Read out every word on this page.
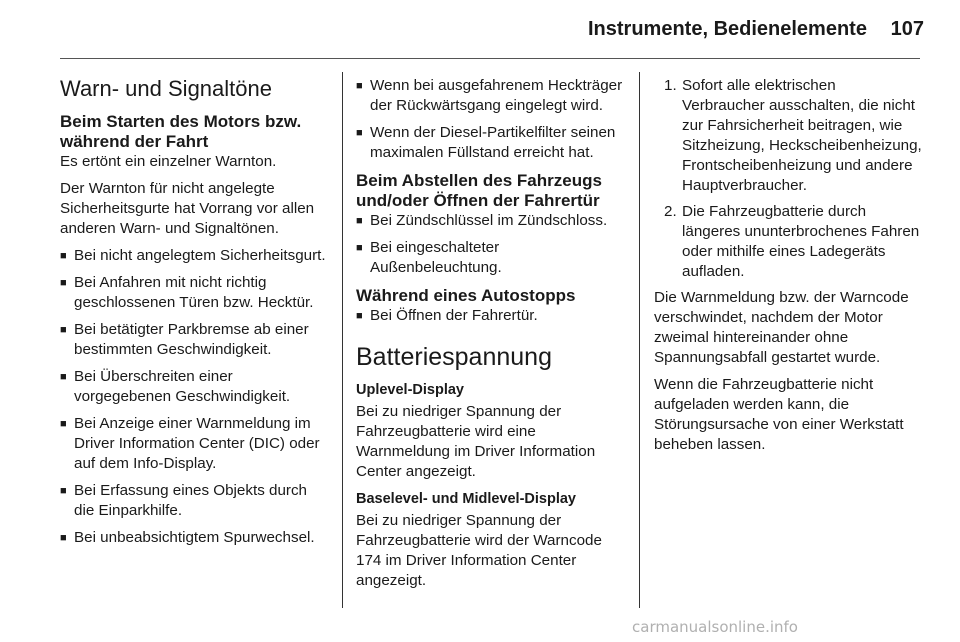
Instrumente, Bedienelemente	107
Warn- und Signaltöne
Beim Starten des Motors bzw. während der Fahrt

Es ertönt ein einzelner Warnton.

Der Warnton für nicht angelegte Sicherheitsgurte hat Vorrang vor allen anderen Warn- und Signaltönen.

■ Bei nicht angelegtem Sicherheitsgurt.
■ Bei Anfahren mit nicht richtig geschlossenen Türen bzw. Hecktür.
■ Bei betätigter Parkbremse ab einer bestimmten Geschwindigkeit.
■ Bei Überschreiten einer vorgegebenen Geschwindigkeit.
■ Bei Anzeige einer Warnmeldung im Driver Information Center (DIC) oder auf dem Info-Display.
■ Bei Erfassung eines Objekts durch die Einparkhilfe.
■ Bei unbeabsichtigtem Spurwechsel.
■ Wenn bei ausgefahrenem Heckträger der Rückwärtsgang eingelegt wird.
■ Wenn der Diesel-Partikelfilter seinen maximalen Füllstand erreicht hat.
Beim Abstellen des Fahrzeugs und/oder Öffnen der Fahrertür
■ Bei Zündschlüssel im Zündschloss.
■ Bei eingeschalteter Außenbeleuchtung.
Während eines Autostopps
■ Bei Öffnen der Fahrertür.
Batteriespannung
Uplevel-Display

Bei zu niedriger Spannung der Fahrzeugbatterie wird eine Warnmeldung im Driver Information Center angezeigt.

Baselevel- und Midlevel-Display

Bei zu niedriger Spannung der Fahrzeugbatterie wird der Warncode 174 im Driver Information Center angezeigt.

1. Sofort alle elektrischen Verbraucher ausschalten, die nicht zur Fahrsicherheit beitragen, wie Sitzheizung, Heckscheibenheizung, Frontscheibenheizung und andere Hauptverbraucher.
2. Die Fahrzeugbatterie durch längeres ununterbrochenes Fahren oder mithilfe eines Ladegeräts aufladen.

Die Warnmeldung bzw. der Warncode verschwindet, nachdem der Motor zweimal hintereinander ohne Spannungsabfall gestartet wurde.

Wenn die Fahrzeugbatterie nicht aufgeladen werden kann, die Störungsursache von einer Werkstatt beheben lassen.

carmanualsonline.info
